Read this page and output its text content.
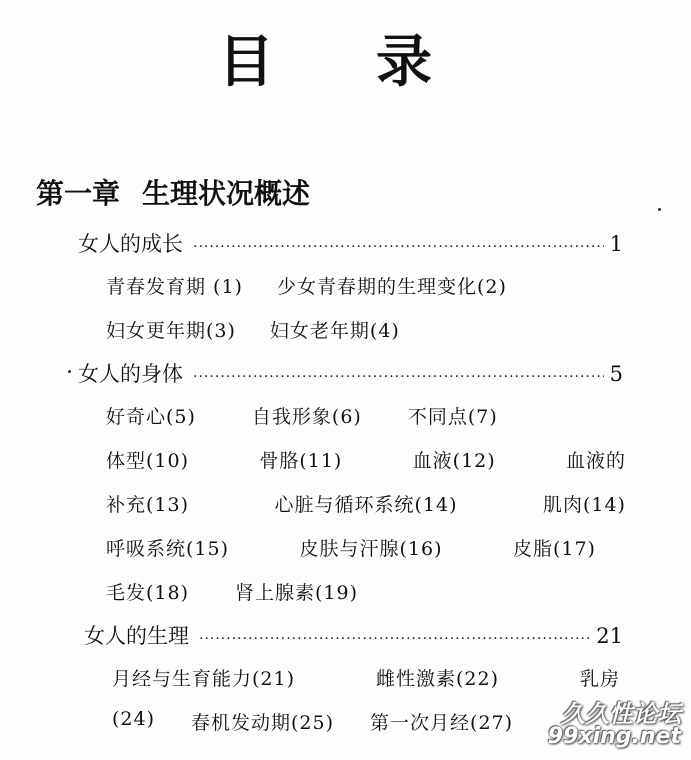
目 录
第一章 生理状况概述
女人的成长 ·····	1
青春发育期 (1) 少女青春期的生理变化(2)
妇女更年期(3) 妇女老年期(4)
女人的身体 ·····	5
好奇心(5)	自我形象(6) 不同点(7)
体型(10)	骨胳(11)	血液(12)	血液的
补充(13)	心脏与循环系统(14)	肌肉(14)
呼吸系统(15)	皮肤与汗腺(16)	皮脂(17)
毛发(18) 肾上腺素(19)
女人的生理 ·····	21
月经与生育能力(21)	雌性激素(22)	乳房
(24) 春机发动期(25) 第一次月经(27) 久久性论坛
99xing.net
